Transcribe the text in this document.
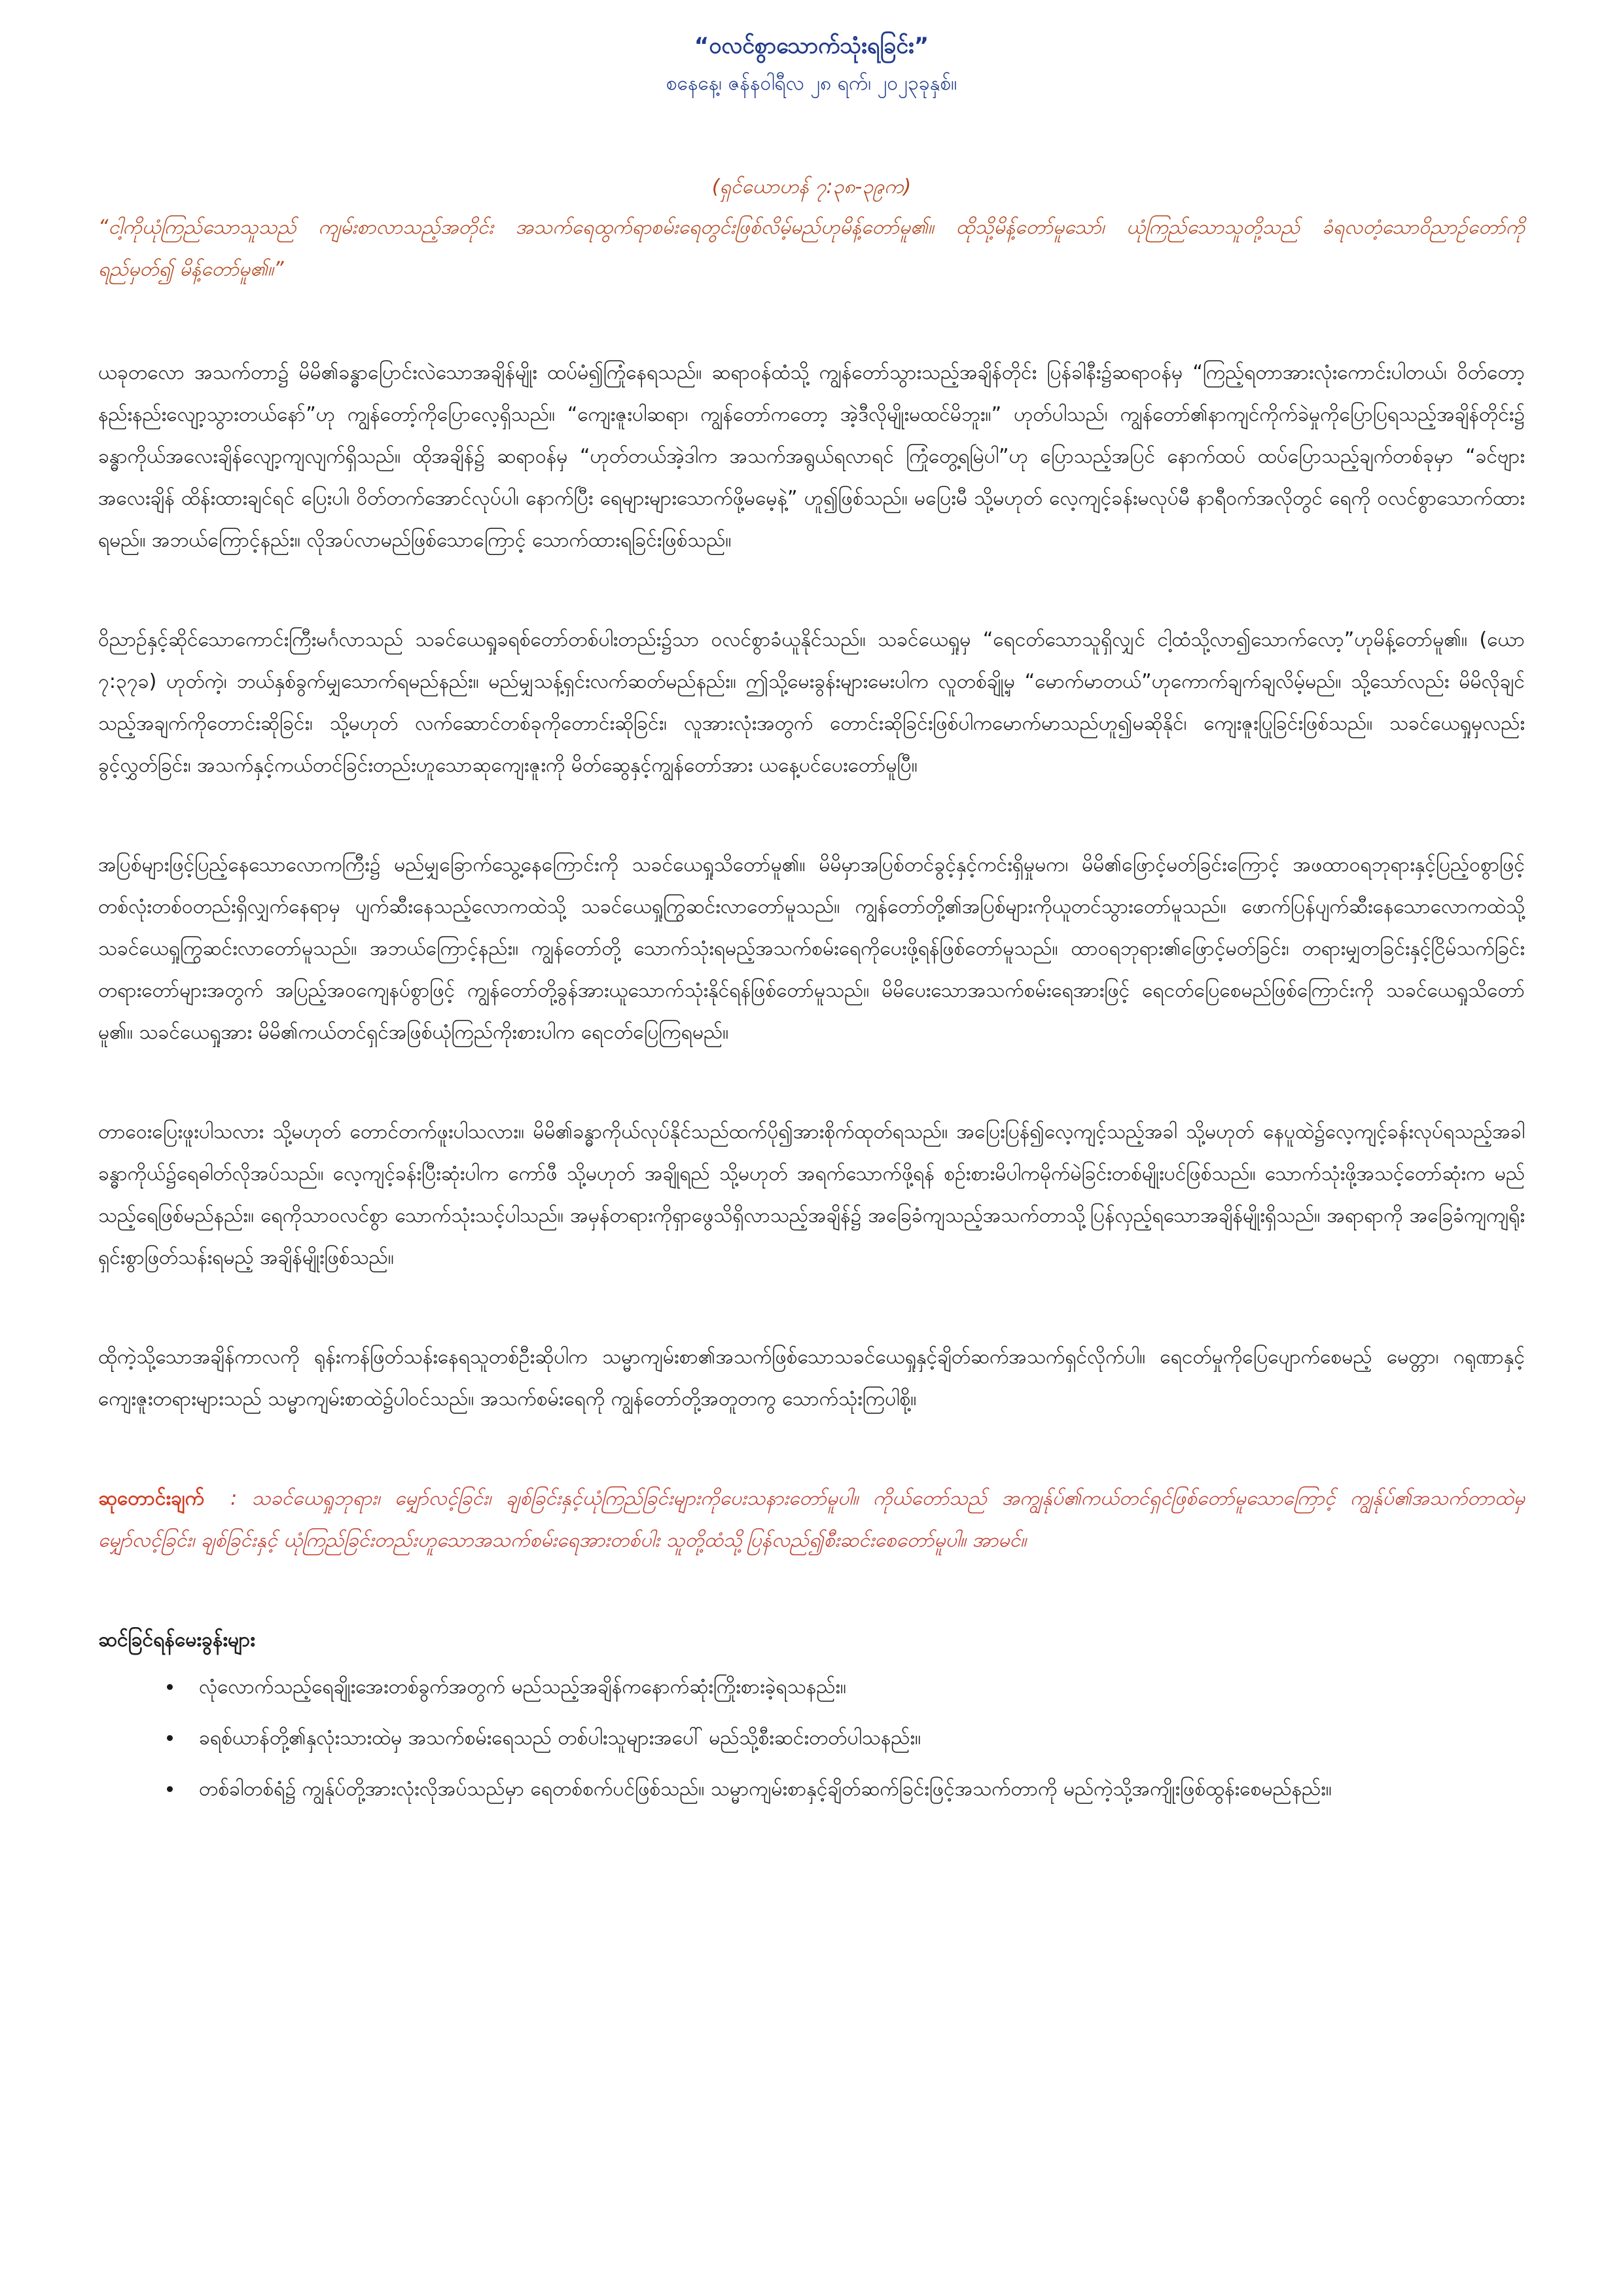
“ဝလင်စွာသောက်သုံးရခြင်း”
စနေနေ့၊ ဇန်နဝါရီလ ၂၈ ရက်၊ ၂၀၂၃ခုနှစ်။
(ရှင်ယောဟန် ၇:၃၈-၃၉က)

“ငါ့ကိုယုံကြည်သောသူသည် ကျမ်းစာလာသည့်အတိုင်း အသက်ရေထွက်ရာစမ်းရေတွင်းဖြစ်လိမ့်မည်ဟုမိန့်တော်မူ၏။ ထိုသို့မိန့်တော်မူသော်၊ ယုံကြည်သောသူတို့သည် ခံရလတံ့သောဝိညာဉ်တော်ကို ရည်မှတ်၍ မိန့်တော်မူ၏။”

ယခုတလော အသက်တာ၌ မိမိ၏ခန္ဓာပြောင်းလဲသောအချိန်မျိုး ထပ်မံ၍ကြုံနေရသည်။ ဆရာဝန်ထံသို့ ကျွန်တော်သွားသည့်အချိန်တိုင်း ပြန်ခါနီး၌ဆရာဝန်မှ “ကြည့်ရတာအားလုံးကောင်းပါတယ်၊ ဝိတ်တော့နည်းနည်းလျော့သွားတယ်နော်”ဟု ကျွန်တော့်ကိုပြောလေ့ရှိသည်။ “ကျေးဇူးပါဆရာ၊ ကျွန်တော်ကတော့ အဲ့ဒီလိုမျိုးမထင်မိဘူး။” ဟုတ်ပါသည်၊ ကျွန်တော်၏နာကျင်ကိုက်ခဲမှုကိုပြောပြရသည့်အချိန်တိုင်း၌ ခန္ဓာကိုယ်အလေးချိန်လျော့ကျလျက်ရှိသည်။ ထိုအချိန်၌ ဆရာဝန်မှ “ဟုတ်တယ်အဲ့ဒါက အသက်အရွယ်ရလာရင် ကြုံတွေ့ရမြဲပါ”ဟု ပြောသည့်အပြင် နောက်ထပ် ထပ်ပြောသည့်ချက်တစ်ခုမှာ “ခင်ဗျားအလေးချိန် ထိန်းထားချင်ရင် ပြေးပါ၊ ဝိတ်တက်အောင်လုပ်ပါ၊ နောက်ပြီး ရေများများသောက်ဖို့မမေ့နဲ့” ဟူ၍ဖြစ်သည်။ မပြေးမီ သို့မဟုတ် လေ့ကျင့်ခန်းမလုပ်မီ နာရီဝက်အလိုတွင် ရေကို ဝလင်စွာသောက်ထားရမည်။ အဘယ်ကြောင့်နည်း။ လိုအပ်လာမည်ဖြစ်သောကြောင့် သောက်ထားရခြင်းဖြစ်သည်။

ဝိညာဉ်နှင့်ဆိုင်သောကောင်းကြီးမင်္ဂလာသည် သခင်ယေရှုခရစ်တော်တစ်ပါးတည်း၌သာ ဝလင်စွာခံယူနိုင်သည်။ သခင်ယေရှုမှ “ရေငတ်သောသူရှိလျှင် ငါ့ထံသို့လာ၍သောက်လော့”ဟုမိန့်တော်မူ၏။ (ယော ၇:၃၇ခ) ဟုတ်ကဲ့၊ ဘယ်နှစ်ခွက်မျှသောက်ရမည်နည်း။ မည်မျှသန့်ရှင်းလက်ဆတ်မည်နည်း။ ဤသို့မေးခွန်းများမေးပါက လူတစ်ချို့မှ “မောက်မာတယ်”ဟုကောက်ချက်ချလိမ့်မည်။ သို့သော်လည်း မိမိလိုချင်သည့်အချက်ကိုတောင်းဆိုခြင်း၊ သို့မဟုတ် လက်ဆောင်တစ်ခုကိုတောင်းဆိုခြင်း၊ လူအားလုံးအတွက် တောင်းဆိုခြင်းဖြစ်ပါကမောက်မာသည်ဟူ၍မဆိုနိုင်၊ ကျေးဇူးပြုခြင်းဖြစ်သည်။ သခင်ယေရှုမှလည်း ခွင့်လွှတ်ခြင်း၊ အသက်နှင့်ကယ်တင်ခြင်းတည်းဟူသောဆုကျေးဇူးကို မိတ်ဆွေနှင့်ကျွန်တော်အား ယနေ့ပင်ပေးတော်မူပြီ။

အပြစ်များဖြင့်ပြည့်နေသောလောကကြီး၌ မည်မျှခြောက်သွေ့နေကြောင်းကို သခင်ယေရှုသိတော်မူ၏။ မိမိမှာအပြစ်တင်ခွင့်နှင့်ကင်းရှိမှုမက၊ မိမိ၏ဖြောင့်မတ်ခြင်းကြောင့် အဖထာဝရဘုရားနှင့်ပြည့်ဝစွာဖြင့်တစ်လုံးတစ်ဝတည်းရှိလျှက်နေရာမှ ပျက်ဆီးနေသည့်လောကထဲသို့ သခင်ယေရှုကြွဆင်းလာတော်မူသည်။ ကျွန်တော်တို့၏အပြစ်များကိုယူတင်သွားတော်မူသည်။ ဖောက်ပြန်ပျက်ဆီးနေသောလောကထဲသို့ သခင်ယေရှုကြွဆင်းလာတော်မူသည်။ အဘယ်ကြောင့်နည်း။ ကျွန်တော်တို့ သောက်သုံးရမည့်အသက်စမ်းရေကိုပေးဖို့ရန်ဖြစ်တော်မူသည်။ ထာဝရဘုရား၏ဖြောင့်မတ်ခြင်း၊ တရားမျှတခြင်းနှင့်ငြိမ်သက်ခြင်းတရားတော်များအတွက် အပြည့်အဝကျေနပ်စွာဖြင့် ကျွန်တော်တို့ခွန်အားယူသောက်သုံးနိုင်ရန်ဖြစ်တော်မူသည်။ မိမိပေးသောအသက်စမ်းရေအားဖြင့် ရေငတ်ပြေစေမည်ဖြစ်ကြောင်းကို သခင်ယေရှုသိတော်မူ၏။ သခင်ယေရှုအား မိမိ၏ကယ်တင်ရှင်အဖြစ်ယုံကြည်ကိုးစားပါက ရေငတ်ပြေကြရမည်။

တာဝေးပြေးဖူးပါသလား သို့မဟုတ် တောင်တက်ဖူးပါသလား။ မိမိ၏ခန္ဓာကိုယ်လုပ်နိုင်သည်ထက်ပို၍အားစိုက်ထုတ်ရသည်။ အပြေးပြန်၍လေ့ကျင့်သည့်အခါ သို့မဟုတ် နေပူထဲ၌လေ့ကျင့်ခန်းလုပ်ရသည့်အခါ ခန္ဓာကိုယ်၌ရေဓါတ်လိုအပ်သည်။ လေ့ကျင့်ခန်းပြီးဆုံးပါက ကော်ဖီ သို့မဟုတ် အချိုရည် သို့မဟုတ် အရက်သောက်ဖို့ရန် စဉ်းစားမိပါကမိုက်မဲခြင်းတစ်မျိုးပင်ဖြစ်သည်။ သောက်သုံးဖို့အသင့်တော်ဆုံးက မည်သည့်ရေဖြစ်မည်နည်း။ ရေကိုသာဝလင်စွာ သောက်သုံးသင့်ပါသည်။ အမှန်တရားကိုရှာဖွေသိရှိလာသည့်အချိန်၌ အခြေခံကျသည့်အသက်တာသို့ပြန်လှည့်ရသောအချိန်မျိုးရှိသည်။ အရာရာကို အခြေခံကျကျရိုးရှင်းစွာဖြတ်သန်းရမည့် အချိန်မျိုးဖြစ်သည်။

ထိုကဲ့သို့သောအချိန်ကာလကို ရုန်းကန်ဖြတ်သန်းနေရသူတစ်ဦးဆိုပါက သမ္မာကျမ်းစာ၏အသက်ဖြစ်သောသခင်ယေရှုနှင့်ချိတ်ဆက်အသက်ရှင်လိုက်ပါ။ ရေငတ်မှုကိုပြေပျောက်စေမည့် မေတ္တာ၊ ဂရုဏာနှင့်ကျေးဇူးတရားများသည် သမ္မာကျမ်းစာထဲ၌ပါဝင်သည်။ အသက်စမ်းရေကို ကျွန်တော်တို့အတူတကွ သောက်သုံးကြပါစို့။

ဆုတောင်းချက် : သခင်ယေရှုဘုရား၊ မျှော်လင့်ခြင်း၊ ချစ်ခြင်းနှင့်ယုံကြည်ခြင်းများကိုပေးသနားတော်မူပါ။ ကိုယ်တော်သည် အကျွန်ုပ်၏ကယ်တင်ရှင်ဖြစ်တော်မူသောကြောင့် ကျွန်ုပ်၏အသက်တာထဲမှ မျှော်လင့်ခြင်း၊ ချစ်ခြင်းနှင့် ယုံကြည်ခြင်းတည်းဟူသောအသက်စမ်းရေအားတစ်ပါး သူတို့ထံသို့ပြန်လည်၍စီးဆင်းစေတော်မူပါ။ အာမင်။

ဆင်ခြင်ရန်မေးခွန်းများ
• လုံလောက်သည့်ရေချိုးအေးတစ်ခွက်အတွက် မည်သည့်အချိန်ကနောက်ဆုံးကြိုးစားခဲ့ရသနည်း။
• ခရစ်ယာန်တို့၏နှလုံးသားထဲမှ အသက်စမ်းရေသည် တစ်ပါးသူများအပေါ် မည်သို့စီးဆင်းတတ်ပါသနည်း။
• တစ်ခါတစ်ရံ၌ ကျွန်ုပ်တို့အားလုံးလိုအပ်သည်မှာ ရေတစ်စက်ပင်ဖြစ်သည်။ သမ္မာကျမ်းစာနှင့်ချိတ်ဆက်ခြင်းဖြင့်အသက်တာကို မည်ကဲ့သို့အကျိုးဖြစ်ထွန်းစေမည်နည်း။
